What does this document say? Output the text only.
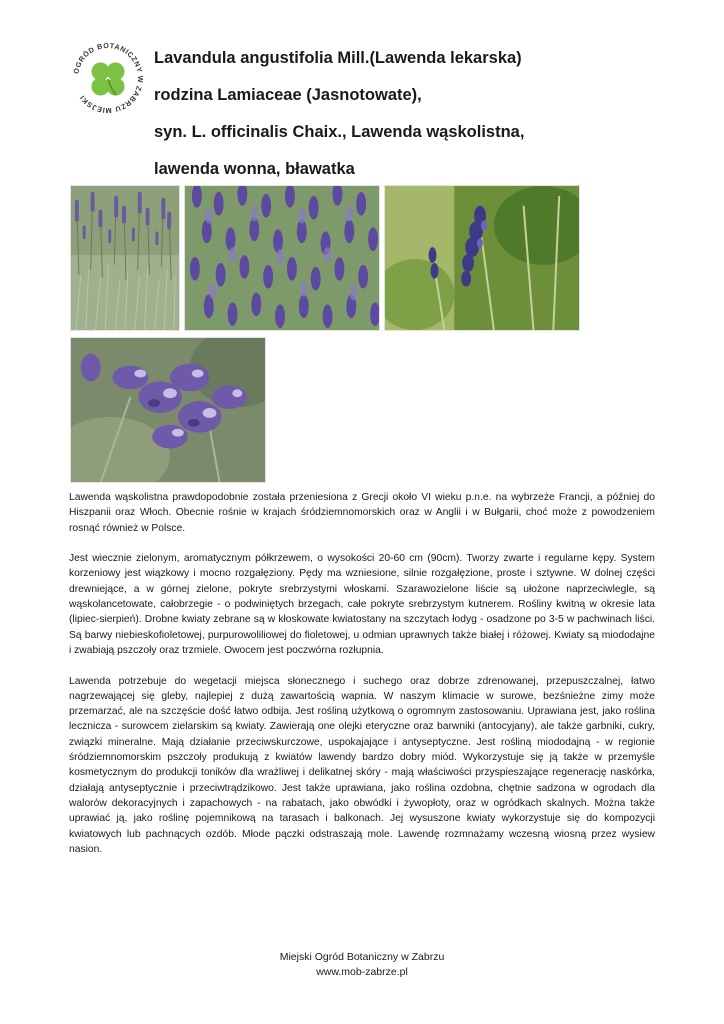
OGRÓD BOTANICZNY W ZABRZU MIEJSKI
Lavandula angustifolia Mill.(Lawenda lekarska)
rodzina Lamiaceae (Jasnotowate),
syn. L. officinalis Chaix., Lawenda wąskolistna,
lawenda wonna, bławatka

Lawenda wąskolistna prawdopodobnie została przeniesiona z Grecji około VI wieku p.n.e. na wybrzeże Francji, a później do Hiszpanii oraz Włoch. Obecnie rośnie w krajach śródziemnomorskich oraz w Anglii i w Bułgarii, choć może z powodzeniem rosnąć również w Polsce.

Jest wiecznie zielonym, aromatycznym półkrzewem, o wysokości 20-60 cm (90cm). Tworzy zwarte i regularne kępy. System korzeniowy jest wiązkowy i mocno rozgałęziony. Pędy ma wzniesione, silnie rozgałęzione, proste i sztywne. W dolnej części drewniejące, a w górnej zielone, pokryte srebrzystymi włoskami. Szarawozielone liście są ułożone naprzeciwlegle, są wąskolancetowate, całobrzegie - o podwiniętych brzegach, całe pokryte srebrzystym kutnerem. Rośliny kwitną w okresie lata (lipiec-sierpień). Drobne kwiaty zebrane są w kłoskowate kwiatostany na szczytach łodyg - osadzone po 3-5 w pachwinach liści. Są barwy niebieskofioletowej, purpurowoliliowej do fioletowej, u odmian uprawnych także białej i różowej. Kwiaty są miododajne i zwabiają pszczoły oraz trzmiele. Owocem jest poczwórna rozłupnia.

Lawenda potrzebuje do wegetacji miejsca słonecznego i suchego oraz dobrze zdrenowanej, przepuszczalnej, łatwo nagrzewającej się gleby, najlepiej z dużą zawartością wapnia. W naszym klimacie w surowe, bezśnieżne zimy może przemarzać, ale na szczęście dość łatwo odbija. Jest rośliną użytkową o ogromnym zastosowaniu. Uprawiana jest, jako roślina lecznicza - surowcem zielarskim są kwiaty. Zawierają one olejki eteryczne oraz barwniki (antocyjany), ale także garbniki, cukry, związki mineralne. Mają działanie przeciwskurczowe, uspokajające i antyseptyczne. Jest rośliną miododajną - w regionie śródziemnomorskim pszczoły produkują z kwiatów lawendy bardzo dobry miód. Wykorzystuje się ją także w przemyśle kosmetycznym do produkcji toników dla wrażliwej i delikatnej skóry - mają właściwości przyspieszające regenerację naskórka, działają antyseptycznie i przeciwtrądzikowo. Jest także uprawiana, jako roślina ozdobna, chętnie sadzona w ogrodach dla walorów dekoracyjnych i zapachowych - na rabatach, jako obwódki i żywopłoty, oraz w ogródkach skalnych. Można także uprawiać ją, jako roślinę pojemnikową na tarasach i balkonach. Jej wysuszone kwiaty wykorzystuje się do kompozycji kwiatowych lub pachnących ozdób. Młode pączki odstraszają mole. Lawendę rozmnażamy wczesną wiosną przez wysiew nasion.

Miejski Ogród Botaniczny w Zabrzu
www.mob-zabrze.pl
